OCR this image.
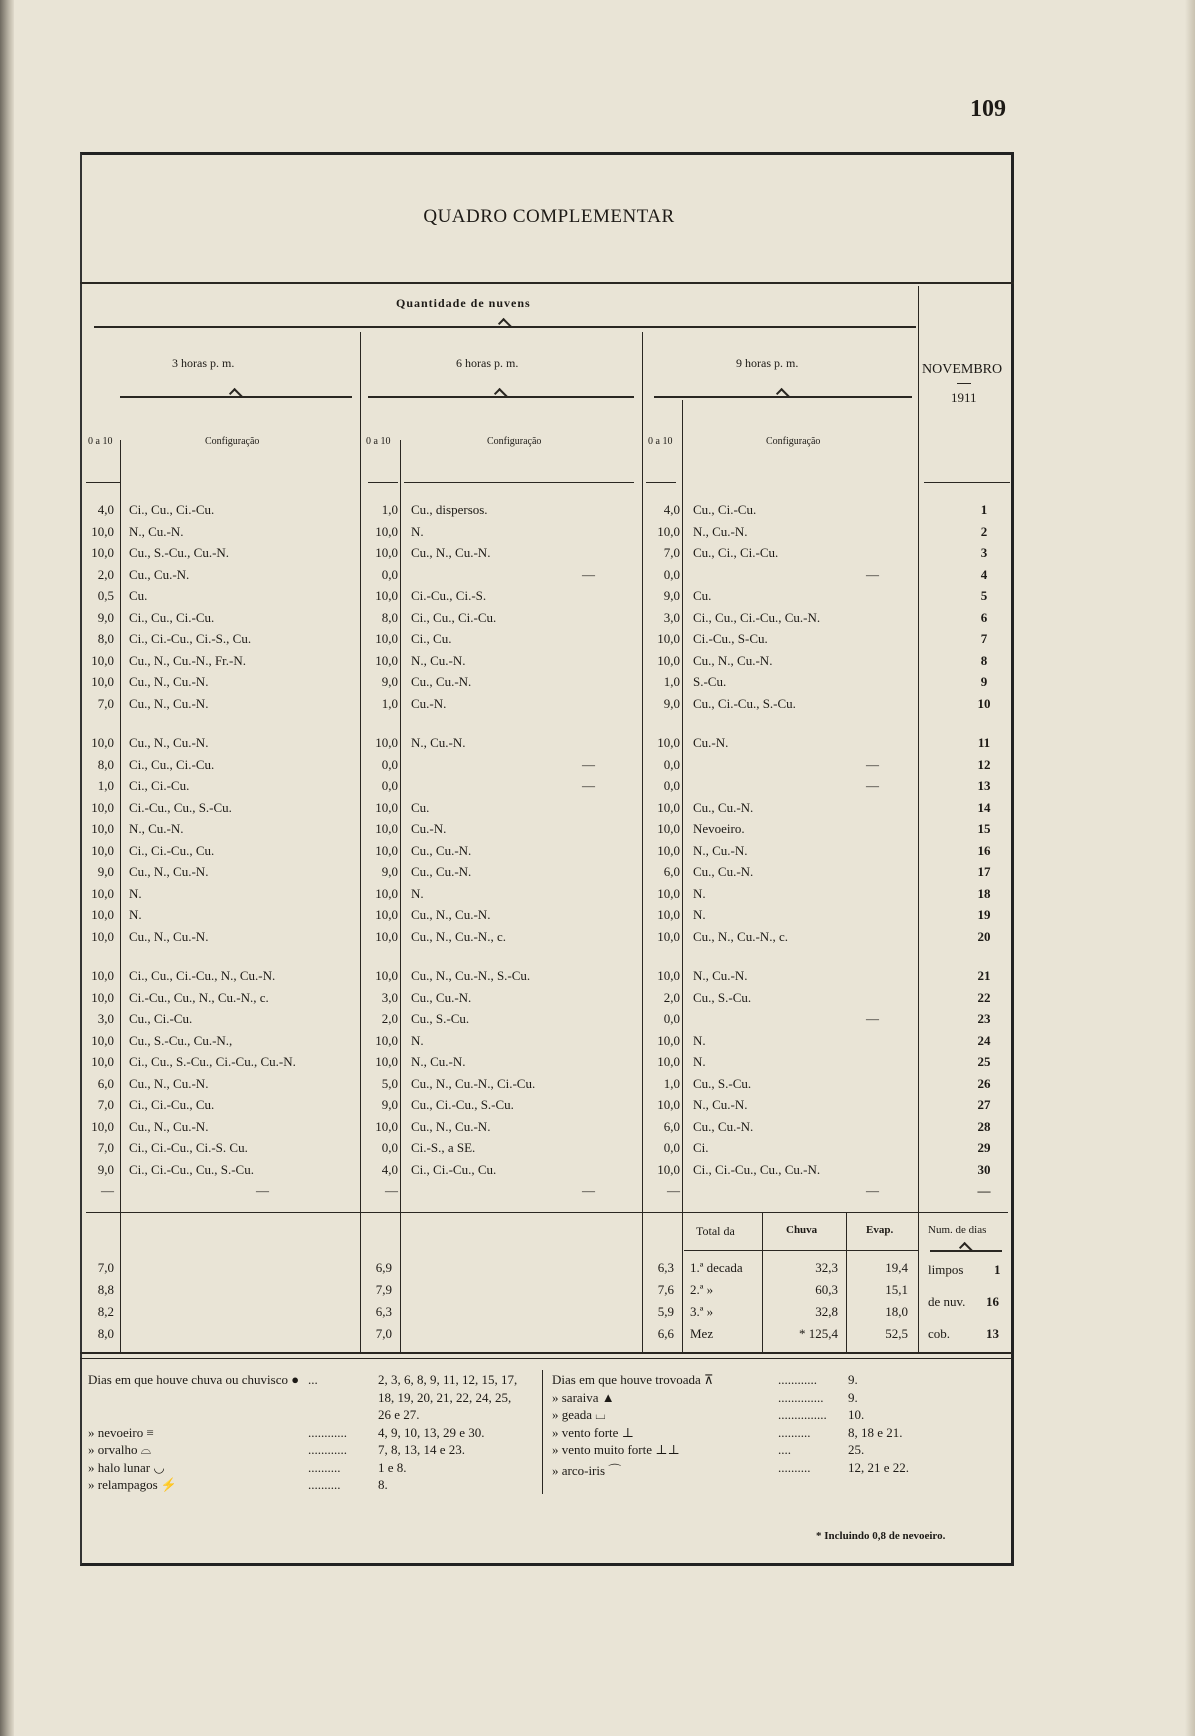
109
QUADRO COMPLEMENTAR
Quantidade de nuvens
3 horas p. m.	6 horas p. m.	9 horas p. m.	NOVEMBRO
1911
0 a 10	Configuração	0 a 10	Configuração	0 a 10	Configuração
4,0 Ci., Cu., Ci.-Cu.	1,0 Cu., dispersos.	4,0 Cu., Ci.-Cu.	1
10,0 N., Cu.-N.	10,0 N.	10,0 N., Cu.-N.	2
10,0 Cu., S.-Cu., Cu.-N.	10,0 Cu., N., Cu.-N.	7,0 Cu., Ci., Ci.-Cu.	3
2,0 Cu., Cu.-N.	0,0	—	0,0	—	4
0,5 Cu.	10,0 Ci.-Cu., Ci.-S.	9,0 Cu.	5
9,0 Ci., Cu., Ci.-Cu.	8,0 Ci., Cu., Ci.-Cu.	3,0 Ci., Cu., Ci.-Cu., Cu.-N.	6
8,0 Ci., Ci.-Cu., Ci.-S., Cu.	10,0 Ci., Cu.	10,0 Ci.-Cu., S-Cu.	7
10,0 Cu., N., Cu.-N., Fr.-N.	10,0 N., Cu.-N.	10,0 Cu., N., Cu.-N.	8
10,0 Cu., N., Cu.-N.	9,0 Cu., Cu.-N.	1,0 S.-Cu.	9
7,0 Cu., N., Cu.-N.	1,0 Cu.-N.	9,0 Cu., Ci.-Cu., S.-Cu.	10
10,0 Cu., N., Cu.-N.	10,0 N., Cu.-N.	10,0 Cu.-N.	11
8,0 Ci., Cu., Ci.-Cu.	0,0	—	0,0	—	12
1,0 Ci., Ci.-Cu.	0,0	—	0,0	—	13
10,0 Ci.-Cu., Cu., S.-Cu.	10,0 Cu.	10,0 Cu., Cu.-N.	14
10,0 N., Cu.-N.	10,0 Cu.-N.	10,0 Nevoeiro.	15
10,0 Ci., Ci.-Cu., Cu.	10,0 Cu., Cu.-N.	10,0 N., Cu.-N.	16
9,0 Cu., N., Cu.-N.	9,0 Cu., Cu.-N.	6,0 Cu., Cu.-N.	17
10,0 N.	10,0 N.	10,0 N.	18
10,0 N.	10,0 Cu., N., Cu.-N.	10,0 N.	19
10,0 Cu., N., Cu.-N.	10,0 Cu., N., Cu.-N., c.	10,0 Cu., N., Cu.-N., c.	20
10,0 Ci., Cu., Ci.-Cu., N., Cu.-N.	10,0 Cu., N., Cu.-N., S.-Cu.	10,0 N., Cu.-N.	21
10,0 Ci.-Cu., Cu., N., Cu.-N., c.	3,0 Cu., Cu.-N.	2,0 Cu., S.-Cu.	22
3,0 Cu., Ci.-Cu.	2,0 Cu., S.-Cu.	0,0	—	23
10,0 Cu., S.-Cu., Cu.-N.,	10,0 N.	10,0 N.	24
10,0 Ci., Cu., S.-Cu., Ci.-Cu., Cu.-N.	10,0 N., Cu.-N.	10,0 N.	25
6,0 Cu., N., Cu.-N.	5,0 Cu., N., Cu.-N., Ci.-Cu.	1,0 Cu., S.-Cu.	26
7,0 Ci., Ci.-Cu., Cu.	9,0 Cu., Ci.-Cu., S.-Cu.	10,0 N., Cu.-N.	27
10,0 Cu., N., Cu.-N.	10,0 Cu., N., Cu.-N.	6,0 Cu., Cu.-N.	28
7,0 Ci., Ci.-Cu., Ci.-S. Cu.	0,0 Ci.-S., a SE.	0,0 Ci.	29
9,0 Ci., Ci.-Cu., Cu., S.-Cu.	4,0 Ci., Ci.-Cu., Cu.	10,0 Ci., Ci.-Cu., Cu., Cu.-N.	30
—	—	—	—	—	—	—
Total da	Chuva	Evap.	Num. de dias
7,0	6,9	6,3 1.ª decada	32,3	19,4
8,8	7,9	7,6 2.ª »	60,3	15,1
8,2	6,3	5,9 3.ª »	32,8	18,0
8,0	7,0	6,6 Mez	* 125,4	52,5
limpos 1
de nuv. 16
cob.	13
Dias em que houve chuva ou chuvisco ● ...	2, 3, 6, 8, 9, 11, 12, 15, 17,
18, 19, 20, 21, 22, 24, 25,
26 e 27.
» nevoeiro ≡	............ 4, 9, 10, 13, 29 e 30.
» orvalho ⌓	............ 7, 8, 13, 14 e 23.
» halo lunar ◡	..........	1 e 8.
» relampagos ⚡	..........	8.
Dias em que houve trovoada ⊼	............ 9.
» saraiva ▲	.............. 9.
» geada ⌴	............... 10.
» vento forte ⊥	..........	8, 18 e 21.
» vento muito forte ⊥⊥	....	25.
» arco-iris ⌒	..........	12, 21 e 22.
* Incluindo 0,8 de nevoeiro.
